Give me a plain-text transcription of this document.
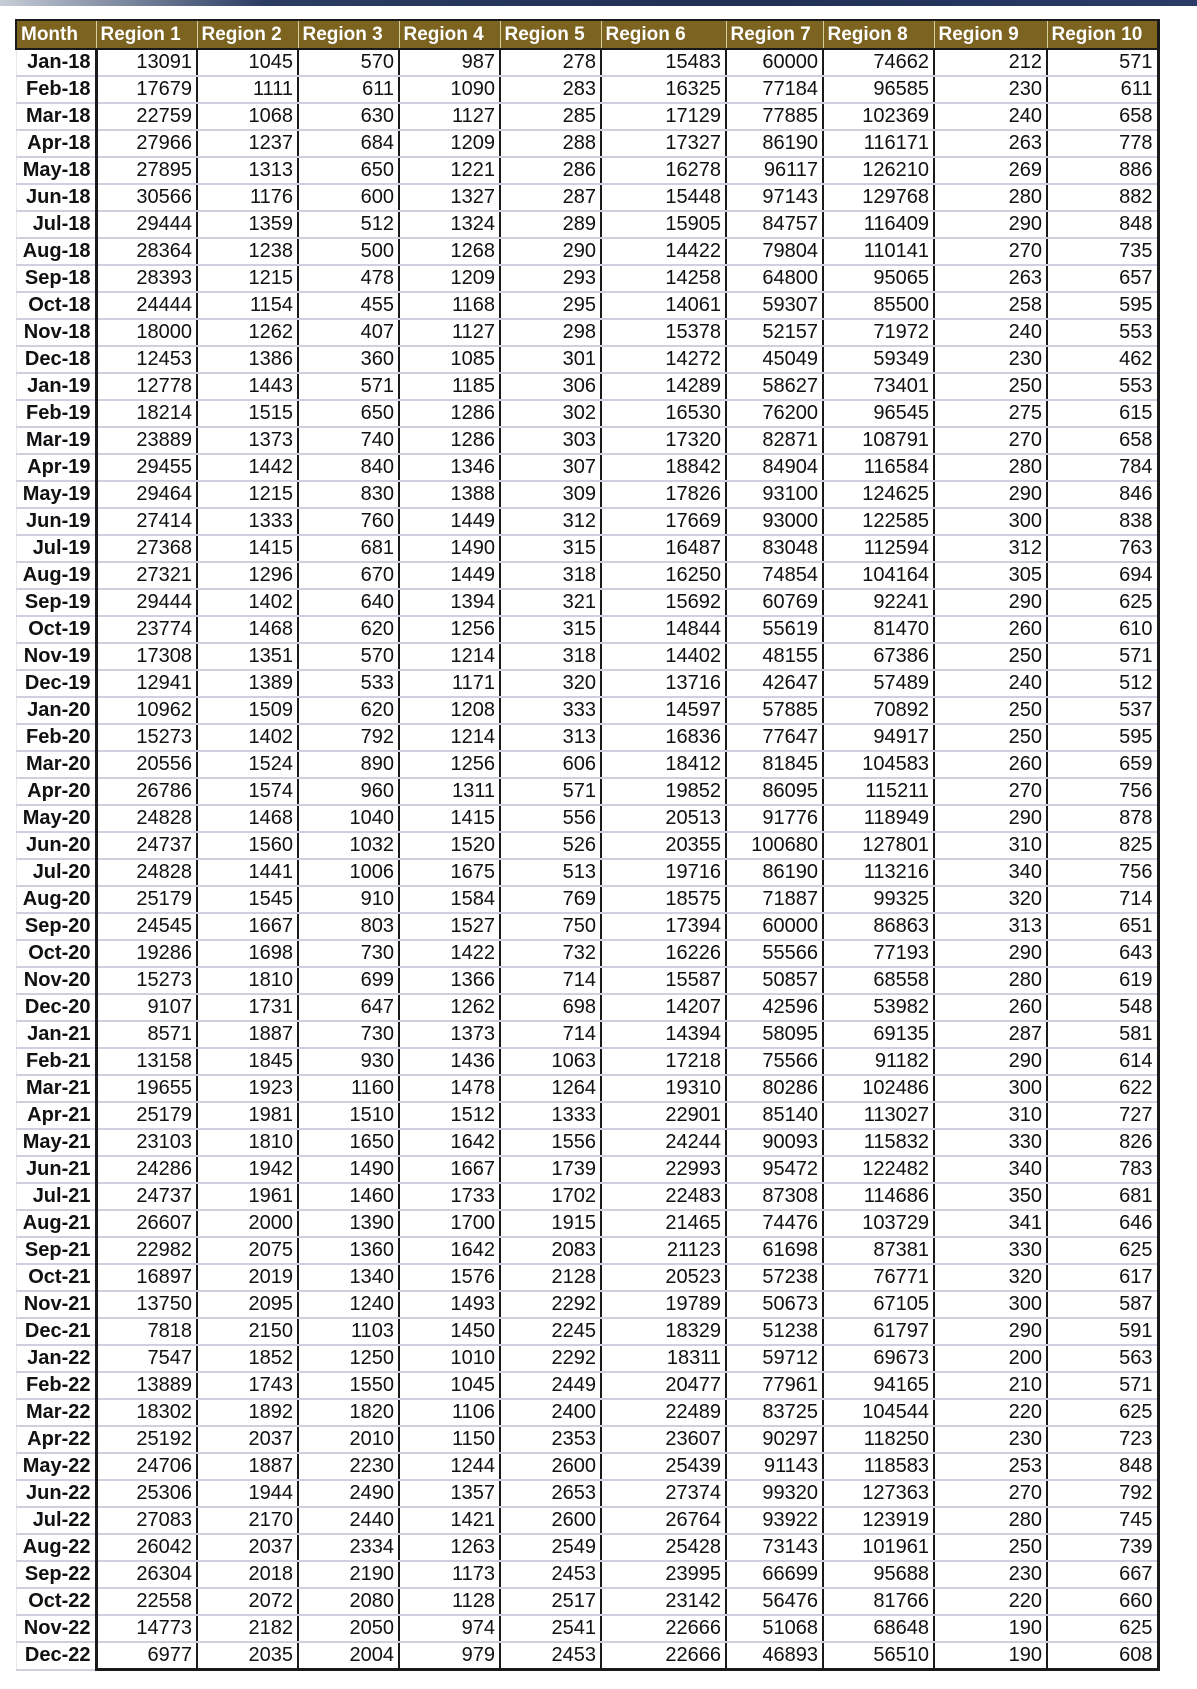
Month	Region 1	Region 2	Region 3	Region 4	Region 5	Region 6	Region 7	Region 8	Region 9	Region 10
Jan-18	13091	1045	570	987	278	15483	60000	74662	212	571
Feb-18	17679	1111	611	1090	283	16325	77184	96585	230	611
Mar-18	22759	1068	630	1127	285	17129	77885	102369	240	658
Apr-18	27966	1237	684	1209	288	17327	86190	116171	263	778
May-18	27895	1313	650	1221	286	16278	96117	126210	269	886
Jun-18	30566	1176	600	1327	287	15448	97143	129768	280	882
Jul-18	29444	1359	512	1324	289	15905	84757	116409	290	848
Aug-18	28364	1238	500	1268	290	14422	79804	110141	270	735
Sep-18	28393	1215	478	1209	293	14258	64800	95065	263	657
Oct-18	24444	1154	455	1168	295	14061	59307	85500	258	595
Nov-18	18000	1262	407	1127	298	15378	52157	71972	240	553
Dec-18	12453	1386	360	1085	301	14272	45049	59349	230	462
Jan-19	12778	1443	571	1185	306	14289	58627	73401	250	553
Feb-19	18214	1515	650	1286	302	16530	76200	96545	275	615
Mar-19	23889	1373	740	1286	303	17320	82871	108791	270	658
Apr-19	29455	1442	840	1346	307	18842	84904	116584	280	784
May-19	29464	1215	830	1388	309	17826	93100	124625	290	846
Jun-19	27414	1333	760	1449	312	17669	93000	122585	300	838
Jul-19	27368	1415	681	1490	315	16487	83048	112594	312	763
Aug-19	27321	1296	670	1449	318	16250	74854	104164	305	694
Sep-19	29444	1402	640	1394	321	15692	60769	92241	290	625
Oct-19	23774	1468	620	1256	315	14844	55619	81470	260	610
Nov-19	17308	1351	570	1214	318	14402	48155	67386	250	571
Dec-19	12941	1389	533	1171	320	13716	42647	57489	240	512
Jan-20	10962	1509	620	1208	333	14597	57885	70892	250	537
Feb-20	15273	1402	792	1214	313	16836	77647	94917	250	595
Mar-20	20556	1524	890	1256	606	18412	81845	104583	260	659
Apr-20	26786	1574	960	1311	571	19852	86095	115211	270	756
May-20	24828	1468	1040	1415	556	20513	91776	118949	290	878
Jun-20	24737	1560	1032	1520	526	20355	100680	127801	310	825
Jul-20	24828	1441	1006	1675	513	19716	86190	113216	340	756
Aug-20	25179	1545	910	1584	769	18575	71887	99325	320	714
Sep-20	24545	1667	803	1527	750	17394	60000	86863	313	651
Oct-20	19286	1698	730	1422	732	16226	55566	77193	290	643
Nov-20	15273	1810	699	1366	714	15587	50857	68558	280	619
Dec-20	9107	1731	647	1262	698	14207	42596	53982	260	548
Jan-21	8571	1887	730	1373	714	14394	58095	69135	287	581
Feb-21	13158	1845	930	1436	1063	17218	75566	91182	290	614
Mar-21	19655	1923	1160	1478	1264	19310	80286	102486	300	622
Apr-21	25179	1981	1510	1512	1333	22901	85140	113027	310	727
May-21	23103	1810	1650	1642	1556	24244	90093	115832	330	826
Jun-21	24286	1942	1490	1667	1739	22993	95472	122482	340	783
Jul-21	24737	1961	1460	1733	1702	22483	87308	114686	350	681
Aug-21	26607	2000	1390	1700	1915	21465	74476	103729	341	646
Sep-21	22982	2075	1360	1642	2083	21123	61698	87381	330	625
Oct-21	16897	2019	1340	1576	2128	20523	57238	76771	320	617
Nov-21	13750	2095	1240	1493	2292	19789	50673	67105	300	587
Dec-21	7818	2150	1103	1450	2245	18329	51238	61797	290	591
Jan-22	7547	1852	1250	1010	2292	18311	59712	69673	200	563
Feb-22	13889	1743	1550	1045	2449	20477	77961	94165	210	571
Mar-22	18302	1892	1820	1106	2400	22489	83725	104544	220	625
Apr-22	25192	2037	2010	1150	2353	23607	90297	118250	230	723
May-22	24706	1887	2230	1244	2600	25439	91143	118583	253	848
Jun-22	25306	1944	2490	1357	2653	27374	99320	127363	270	792
Jul-22	27083	2170	2440	1421	2600	26764	93922	123919	280	745
Aug-22	26042	2037	2334	1263	2549	25428	73143	101961	250	739
Sep-22	26304	2018	2190	1173	2453	23995	66699	95688	230	667
Oct-22	22558	2072	2080	1128	2517	23142	56476	81766	220	660
Nov-22	14773	2182	2050	974	2541	22666	51068	68648	190	625
Dec-22	6977	2035	2004	979	2453	22666	46893	56510	190	608
